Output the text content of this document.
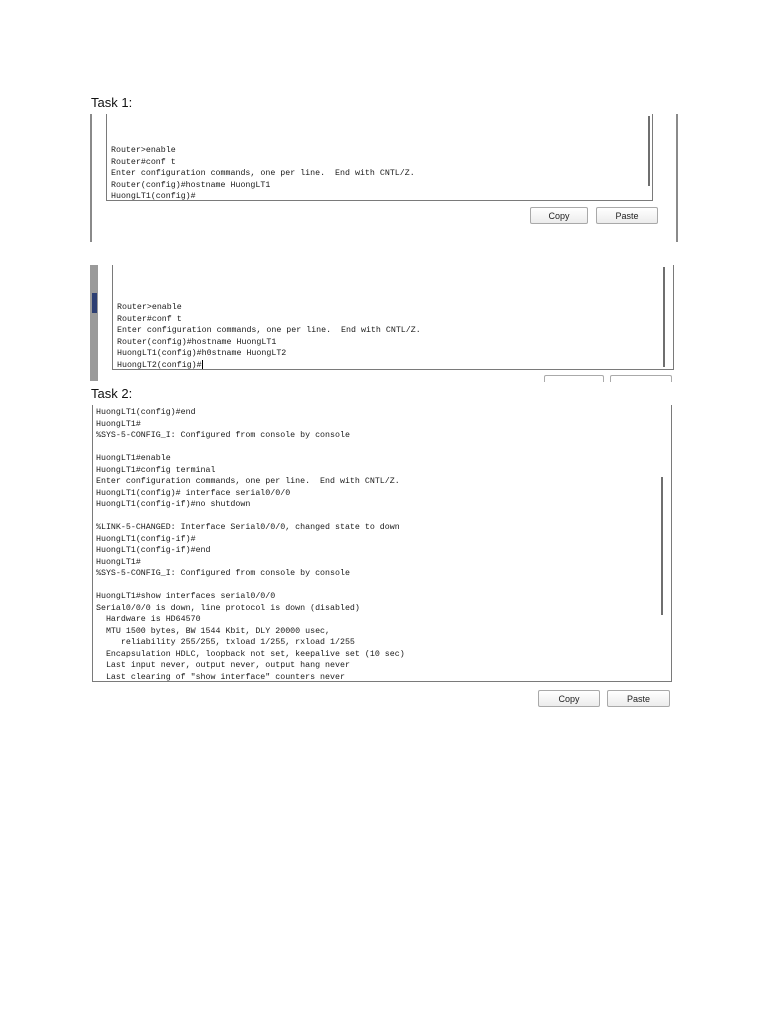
Task 1:
Router>enable
Router#conf t
Enter configuration commands, one per line.  End with CNTL/Z.
Router(config)#hostname HuongLT1
HuongLT1(config)#
Copy	Paste
Router>enable
Router#conf t
Enter configuration commands, one per line.  End with CNTL/Z.
Router(config)#hostname HuongLT1
HuongLT1(config)#h0stname HuongLT2
HuongLT2(config)#
Task 2:
HuongLT1(config)#end
HuongLT1#
%SYS-5-CONFIG_I: Configured from console by console

HuongLT1#enable
HuongLT1#config terminal
Enter configuration commands, one per line.  End with CNTL/Z.
HuongLT1(config)# interface serial0/0/0
HuongLT1(config-if)#no shutdown

%LINK-5-CHANGED: Interface Serial0/0/0, changed state to down
HuongLT1(config-if)#
HuongLT1(config-if)#end
HuongLT1#
%SYS-5-CONFIG_I: Configured from console by console

HuongLT1#show interfaces serial0/0/0
Serial0/0/0 is down, line protocol is down (disabled)
Hardware is HD64570
MTU 1500 bytes, BW 1544 Kbit, DLY 20000 usec,
reliability 255/255, txload 1/255, rxload 1/255
Encapsulation HDLC, loopback not set, keepalive set (10 sec)
Last input never, output never, output hang never
Last clearing of "show interface" counters never
Copy	Paste
